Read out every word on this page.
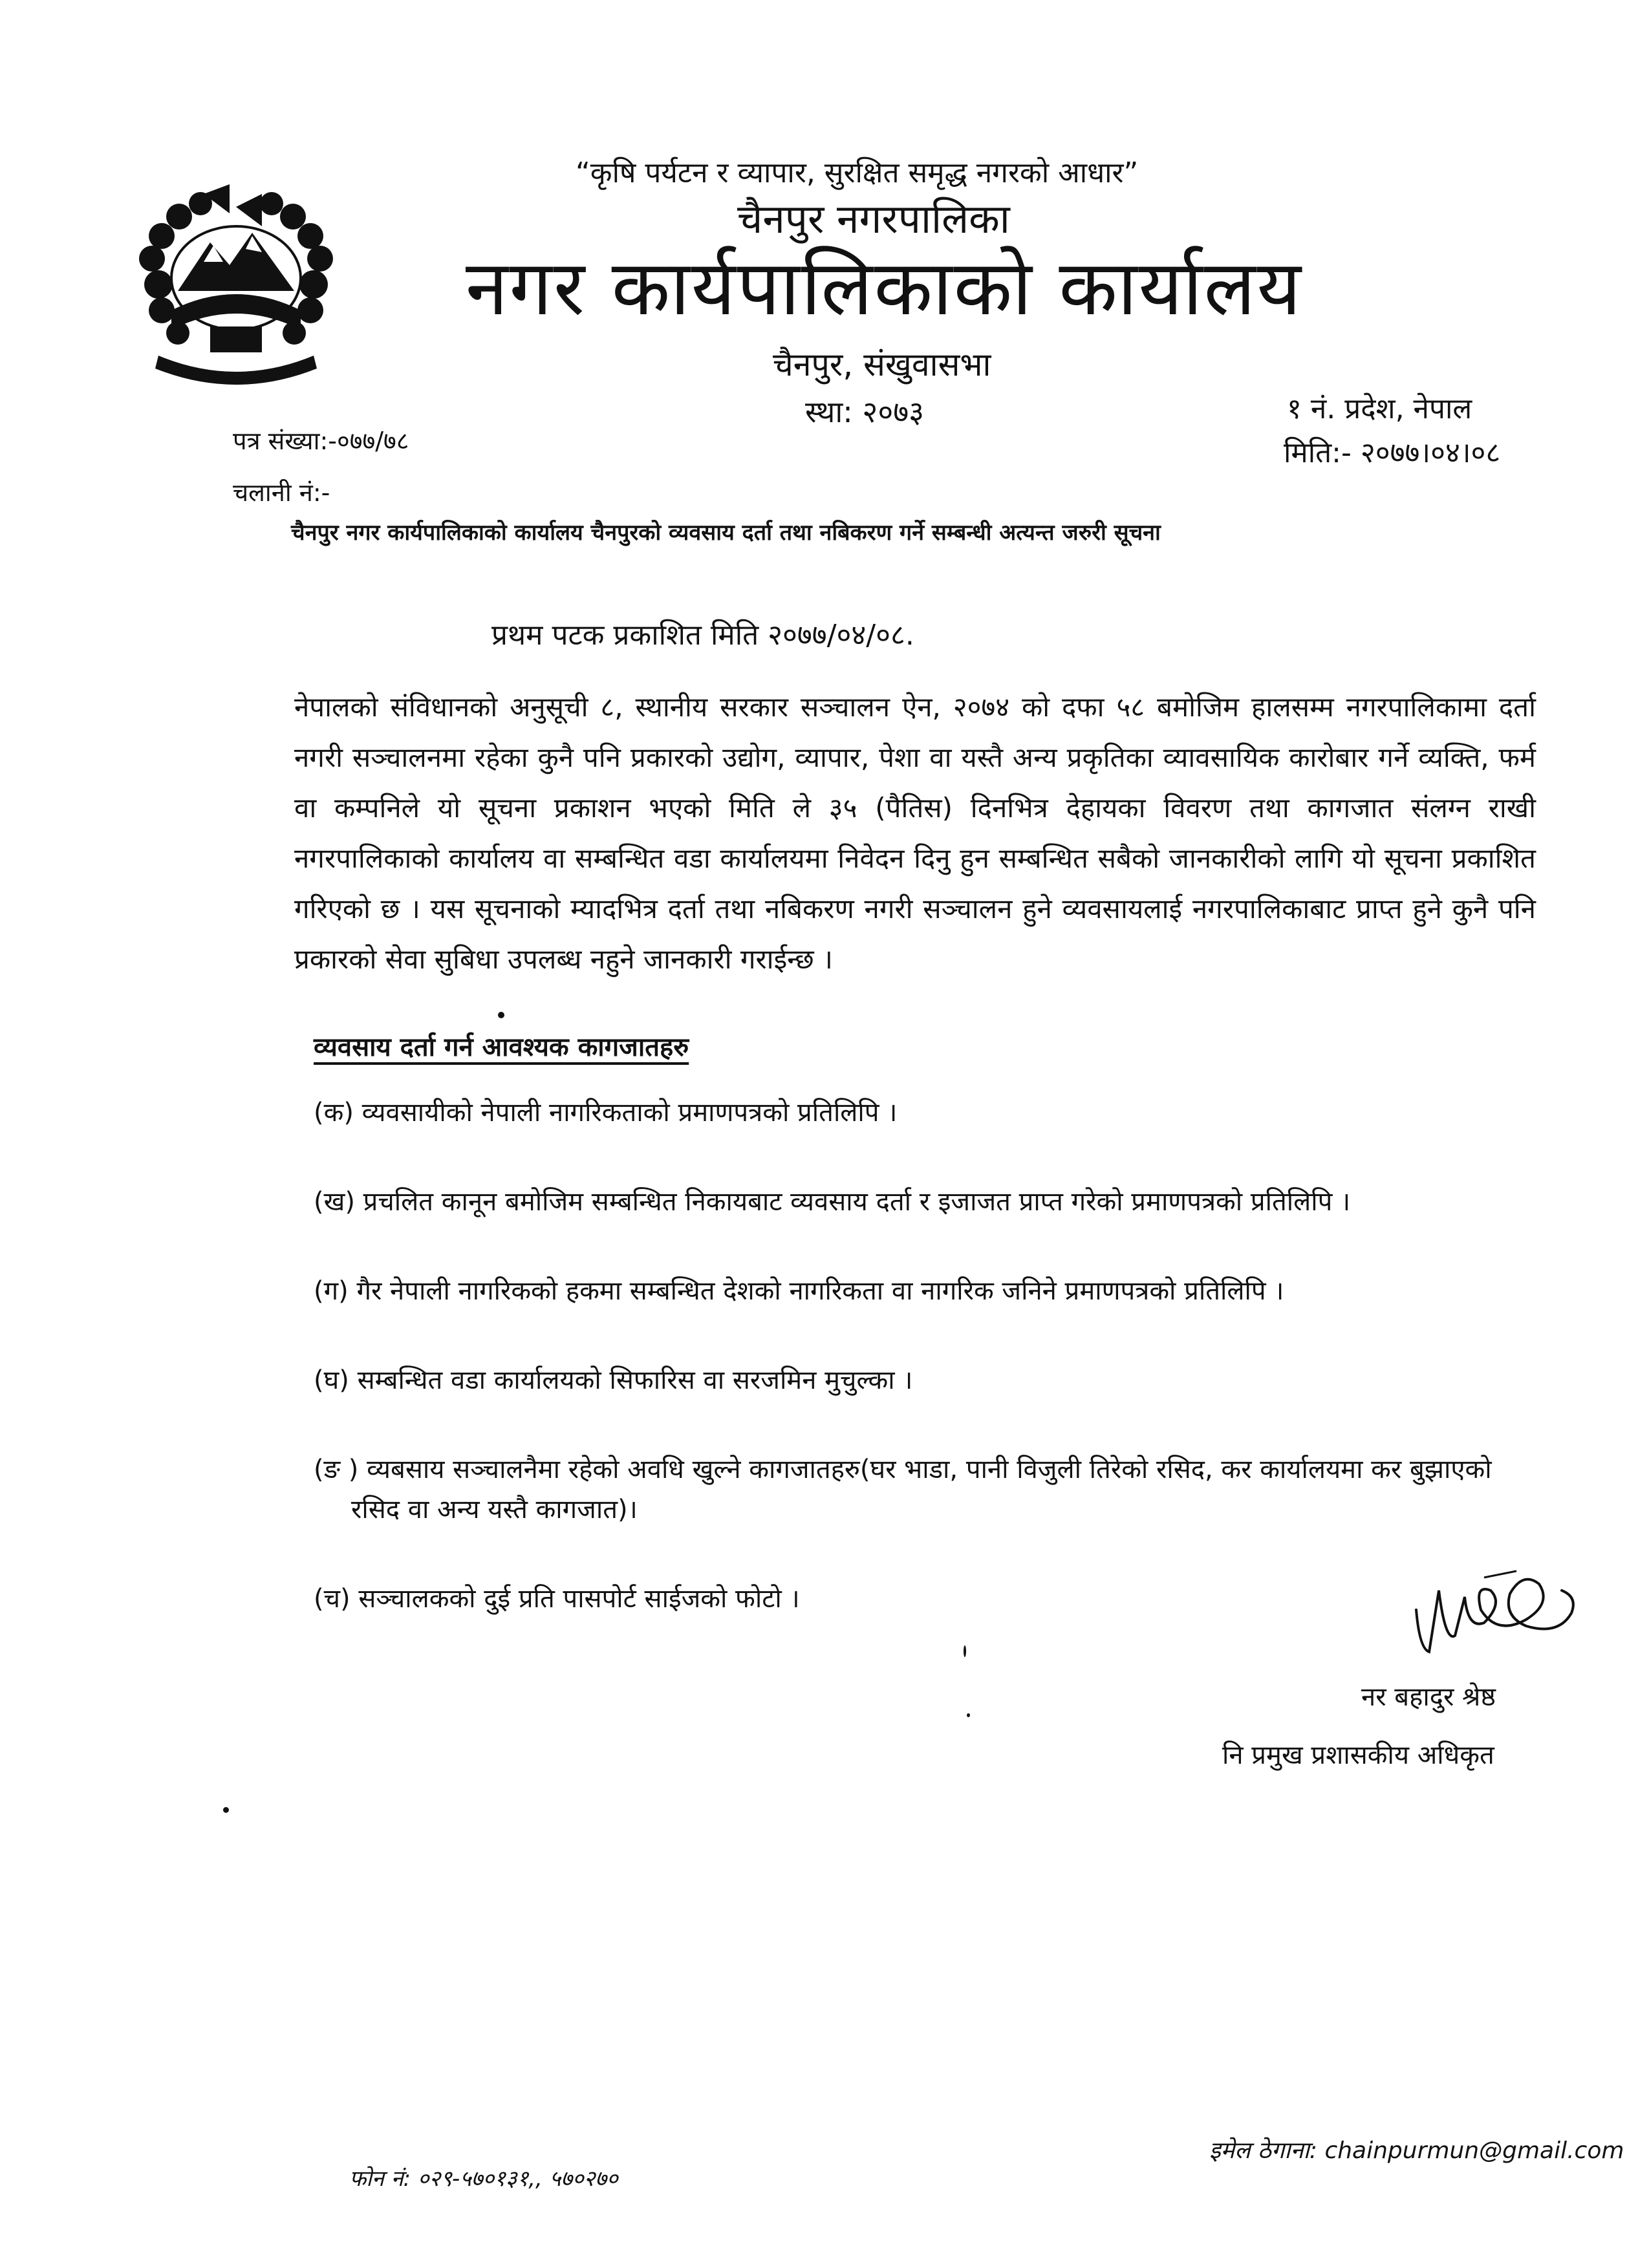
———
“कृषि पर्यटन र व्यापार, सुरक्षित समृद्ध नगरको आधार”
चैनपुर नगरपालिका
नगर कार्यपालिकाको कार्यालय
चैनपुर, संखुवासभा
स्था: २०७३	१ नं. प्रदेश, नेपाल
मिति:- २०७७।०४।०८
पत्र संख्या:-०७७/७८
चलानी नं:-
चैनपुर नगर कार्यपालिकाको कार्यालय चैनपुरको व्यवसाय दर्ता तथा नबिकरण गर्ने सम्बन्धी अत्यन्त जरुरी सूचना
प्रथम पटक प्रकाशित मिति २०७७/०४/०८.
नेपालको संविधानको अनुसूची ८, स्थानीय सरकार सञ्चालन ऐन, २०७४ को दफा ५८ बमोजिम हालसम्म नगरपालिकामा दर्ता नगरी सञ्चालनमा रहेका कुनै पनि प्रकारको उद्योग, व्यापार, पेशा वा यस्तै अन्य प्रकृतिका व्यावसायिक कारोबार गर्ने व्यक्ति, फर्म वा कम्पनिले यो सूचना प्रकाशन भएको मिति ले ३५ (पैतिस) दिनभित्र देहायका विवरण तथा कागजात संलग्न राखी नगरपालिकाको कार्यालय वा सम्बन्धित वडा कार्यालयमा निवेदन दिनु हुन सम्बन्धित सबैको जानकारीको लागि यो सूचना प्रकाशित गरिएको छ । यस सूचनाको म्यादभित्र दर्ता तथा नबिकरण नगरी सञ्चालन हुने व्यवसायलाई नगरपालिकाबाट प्राप्त हुने कुनै पनि प्रकारको सेवा सुबिधा उपलब्ध नहुने जानकारी गराईन्छ ।
व्यवसाय दर्ता गर्न आवश्यक कागजातहरु
(क) व्यवसायीको नेपाली नागरिकताको प्रमाणपत्रको प्रतिलिपि ।
(ख) प्रचलित कानून बमोजिम सम्बन्धित निकायबाट व्यवसाय दर्ता र इजाजत प्राप्त गरेको प्रमाणपत्रको प्रतिलिपि ।
(ग) गैर नेपाली नागरिकको हकमा सम्बन्धित देशको नागरिकता वा नागरिक जनिने प्रमाणपत्रको प्रतिलिपि ।
(घ) सम्बन्धित वडा कार्यालयको सिफारिस वा सरजमिन मुचुल्का ।
(ङ ) व्यबसाय सञ्चालनैमा रहेको अवधि खुल्ने कागजातहरु(घर भाडा, पानी विजुली तिरेको रसिद, कर कार्यालयमा कर बुझाएको रसिद वा अन्य यस्तै कागजात)।
(च) सञ्चालकको दुई प्रति पासपोर्ट साईजको फोटो ।
नर बहादुर श्रेष्ठ
नि प्रमुख प्रशासकीय अधिकृत
फोन नं: ०२९-५७०१३१,, ५७०२७०
इमेल ठेगाना: chainpurmun@gmail.com
